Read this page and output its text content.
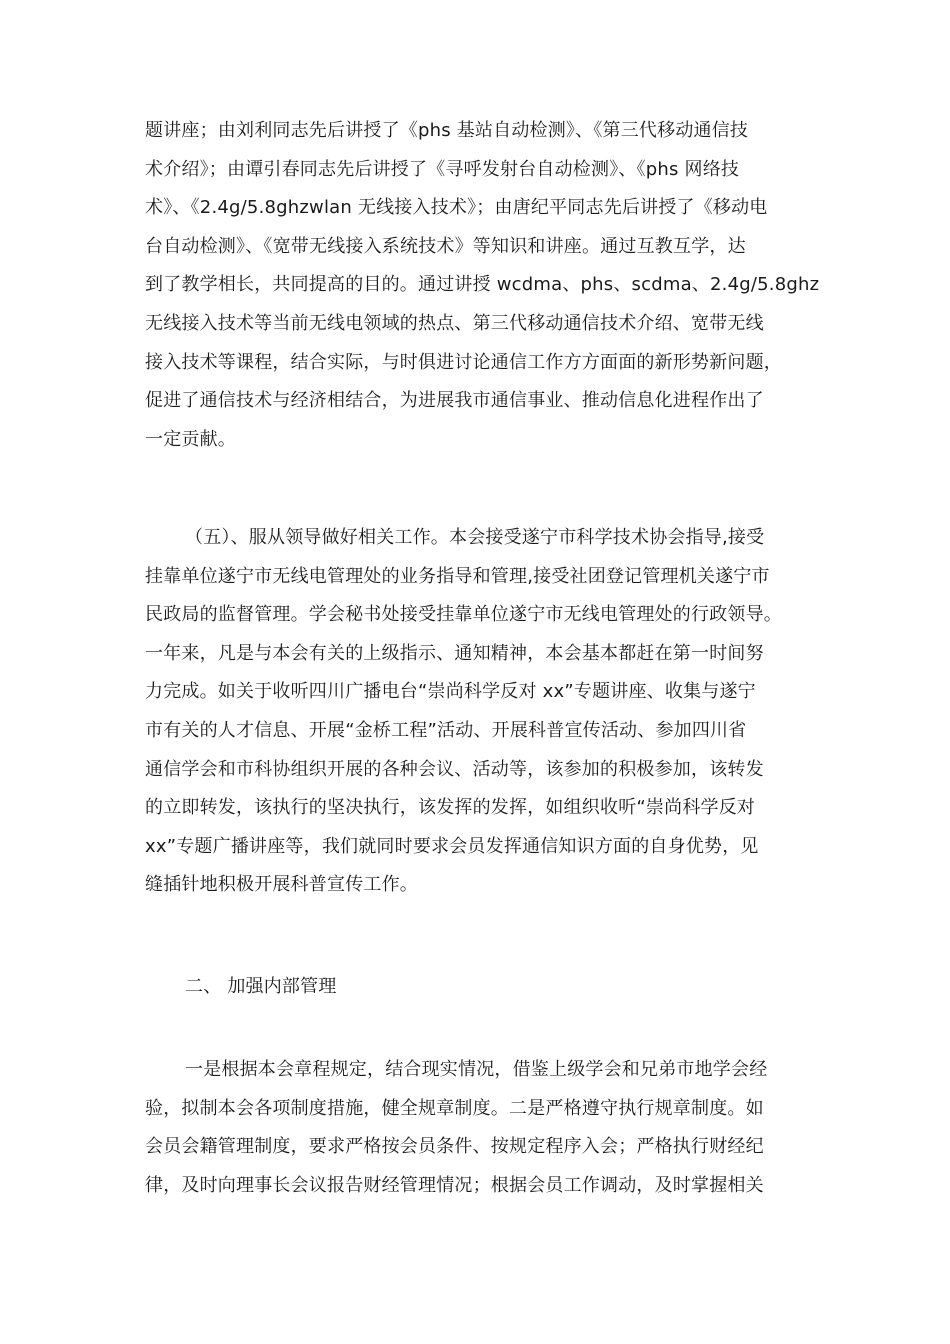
题讲座；由刘利同志先后讲授了《phs 基站自动检测》、《第三代移动通信技
术介绍》；由谭引春同志先后讲授了《寻呼发射台自动检测》、《phs 网络技
术》、《2.4g/5.8ghzwlan 无线接入技术》；由唐纪平同志先后讲授了《移动电
台自动检测》、《宽带无线接入系统技术》等知识和讲座。通过互教互学，达
到了教学相长，共同提高的目的。通过讲授 wcdma、phs、scdma、2.4g/5.8ghz
无线接入技术等当前无线电领域的热点、第三代移动通信技术介绍、宽带无线
接入技术等课程，结合实际，与时俱进讨论通信工作方方面面的新形势新问题，
促进了通信技术与经济相结合，为进展我市通信事业、推动信息化进程作出了
一定贡献。
（五）、服从领导做好相关工作。本会接受遂宁市科学技术协会指导,接受
挂靠单位遂宁市无线电管理处的业务指导和管理,接受社团登记管理机关遂宁市
民政局的监督管理。学会秘书处接受挂靠单位遂宁市无线电管理处的行政领导。
一年来，凡是与本会有关的上级指示、通知精神，本会基本都赶在第一时间努
力完成。如关于收听四川广播电台“崇尚科学反对 xx”专题讲座、收集与遂宁
市有关的人才信息、开展“金桥工程”活动、开展科普宣传活动、参加四川省
通信学会和市科协组织开展的各种会议、活动等，该参加的积极参加，该转发
的立即转发，该执行的坚决执行，该发挥的发挥，如组织收听“崇尚科学反对
xx”专题广播讲座等，我们就同时要求会员发挥通信知识方面的自身优势，见
缝插针地积极开展科普宣传工作。
二、 加强内部管理
一是根据本会章程规定，结合现实情况，借鉴上级学会和兄弟市地学会经
验，拟制本会各项制度措施，健全规章制度。二是严格遵守执行规章制度。如
会员会籍管理制度，要求严格按会员条件、按规定程序入会；严格执行财经纪
律，及时向理事长会议报告财经管理情况；根据会员工作调动，及时掌握相关
